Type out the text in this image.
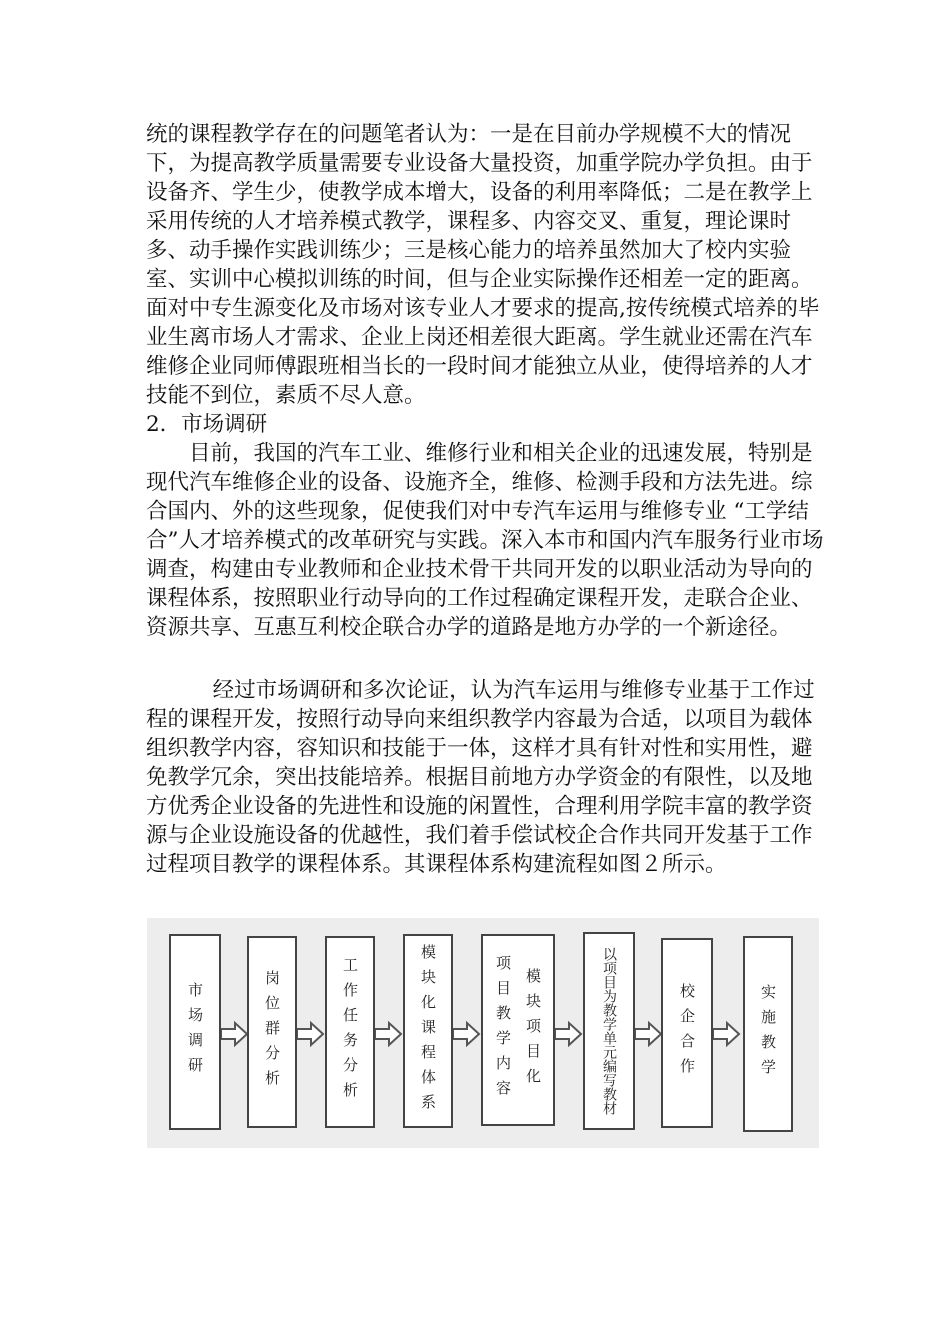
统的课程教学存在的问题笔者认为：一是在目前办学规模不大的情况下，为提高教学质量需要专业设备大量投资，加重学院办学负担。由于设备齐、学生少，使教学成本增大，设备的利用率降低；二是在教学上采用传统的人才培养模式教学，课程多、内容交叉、重复，理论课时多、动手操作实践训练少；三是核心能力的培养虽然加大了校内实验室、实训中心模拟训练的时间，但与企业实际操作还相差一定的距离。面对中专生源变化及市场对该专业人才要求的提高,按传统模式培养的毕业生离市场人才需求、企业上岗还相差很大距离。学生就业还需在汽车维修企业同师傅跟班相当长的一段时间才能独立从业，使得培养的人才技能不到位，素质不尽人意。

2．市场调研

目前，我国的汽车工业、维修行业和相关企业的迅速发展，特别是现代汽车维修企业的设备、设施齐全，维修、检测手段和方法先进。综合国内、外的这些现象，促使我们对中专汽车运用与维修专业 “工学结合”人才培养模式的改革研究与实践。深入本市和国内汽车服务行业市场调查，构建由专业教师和企业技术骨干共同开发的以职业活动为导向的课程体系，按照职业行动导向的工作过程确定课程开发，走联合企业、资源共享、互惠互利校企联合办学的道路是地方办学的一个新途径。

经过市场调研和多次论证，认为汽车运用与维修专业基于工作过程的课程开发，按照行动导向来组织教学内容最为合适，以项目为载体组织教学内容，容知识和技能于一体，这样才具有针对性和实用性，避免教学冗余，突出技能培养。根据目前地方办学资金的有限性，以及地方优秀企业设备的先进性和设施的闲置性，合理利用学院丰富的教学资源与企业设施设备的优越性，我们着手偿试校企合作共同开发基于工作过程项目教学的课程体系。其课程体系构建流程如图２所示。

市场调研	岗位群分析	工作任务分析	模块化课程体系	项目教学内容 模块项目化	以项目为教学单元编写教材	校企合作	实施教学
